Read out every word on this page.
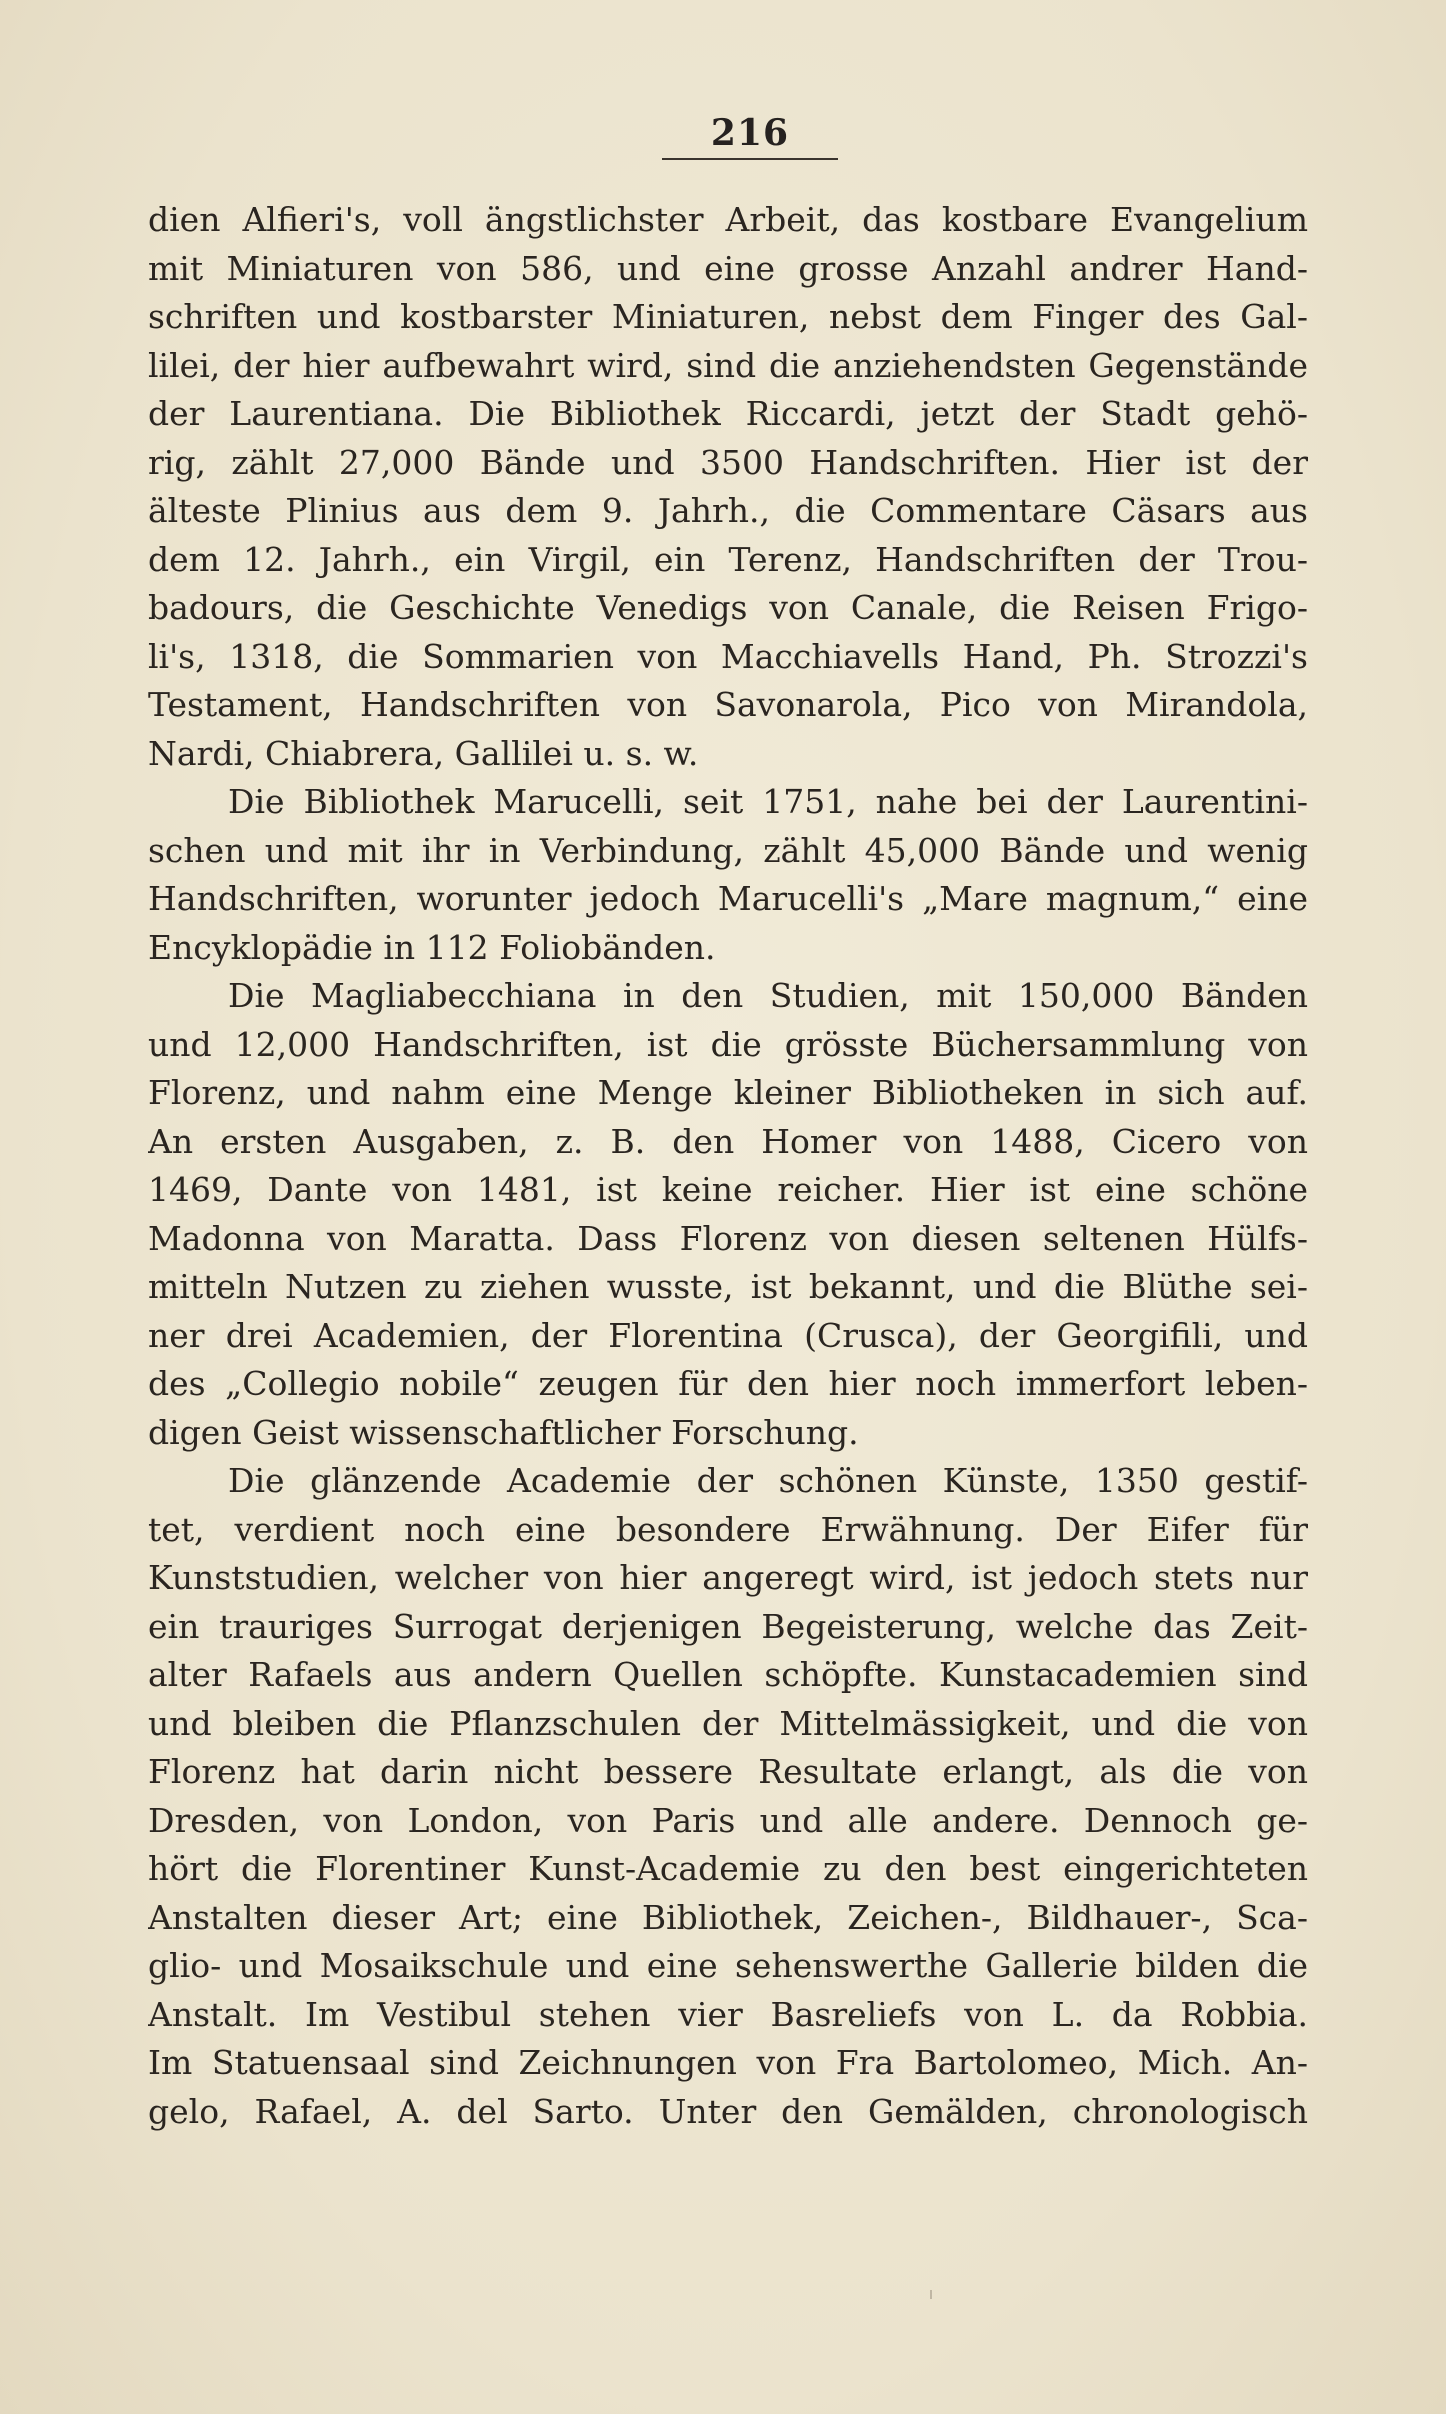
216
dien Alfieri's, voll ängstlichster Arbeit, das kostbare Evangelium
mit Miniaturen von 586, und eine grosse Anzahl andrer Hand-
schriften und kostbarster Miniaturen, nebst dem Finger des Gal-
lilei, der hier aufbewahrt wird, sind die anziehendsten Gegenstände
der Laurentiana. Die Bibliothek Riccardi, jetzt der Stadt gehö-
rig, zählt 27,000 Bände und 3500 Handschriften. Hier ist der
älteste Plinius aus dem 9. Jahrh., die Commentare Cäsars aus
dem 12. Jahrh., ein Virgil, ein Terenz, Handschriften der Trou-
badours, die Geschichte Venedigs von Canale, die Reisen Frigo-
li's, 1318, die Sommarien von Macchiavells Hand, Ph. Strozzi's
Testament, Handschriften von Savonarola, Pico von Mirandola,
Nardi, Chiabrera, Gallilei u. s. w.
Die Bibliothek Marucelli, seit 1751, nahe bei der Laurentini-
schen und mit ihr in Verbindung, zählt 45,000 Bände und wenig
Handschriften, worunter jedoch Marucelli's „Mare magnum,“ eine
Encyklopädie in 112 Foliobänden.
Die Magliabecchiana in den Studien, mit 150,000 Bänden
und 12,000 Handschriften, ist die grösste Büchersammlung von
Florenz, und nahm eine Menge kleiner Bibliotheken in sich auf.
An ersten Ausgaben, z. B. den Homer von 1488, Cicero von
1469, Dante von 1481, ist keine reicher. Hier ist eine schöne
Madonna von Maratta. Dass Florenz von diesen seltenen Hülfs-
mitteln Nutzen zu ziehen wusste, ist bekannt, und die Blüthe sei-
ner drei Academien, der Florentina (Crusca), der Georgifili, und
des „Collegio nobile“ zeugen für den hier noch immerfort leben-
digen Geist wissenschaftlicher Forschung.
Die glänzende Academie der schönen Künste, 1350 gestif-
tet, verdient noch eine besondere Erwähnung. Der Eifer für
Kunststudien, welcher von hier angeregt wird, ist jedoch stets nur
ein trauriges Surrogat derjenigen Begeisterung, welche das Zeit-
alter Rafaels aus andern Quellen schöpfte. Kunstacademien sind
und bleiben die Pflanzschulen der Mittelmässigkeit, und die von
Florenz hat darin nicht bessere Resultate erlangt, als die von
Dresden, von London, von Paris und alle andere. Dennoch ge-
hört die Florentiner Kunst-Academie zu den best eingerichteten
Anstalten dieser Art; eine Bibliothek, Zeichen-, Bildhauer-, Sca-
glio- und Mosaikschule und eine sehenswerthe Gallerie bilden die
Anstalt. Im Vestibul stehen vier Basreliefs von L. da Robbia.
Im Statuensaal sind Zeichnungen von Fra Bartolomeo, Mich. An-
gelo, Rafael, A. del Sarto. Unter den Gemälden, chronologisch
